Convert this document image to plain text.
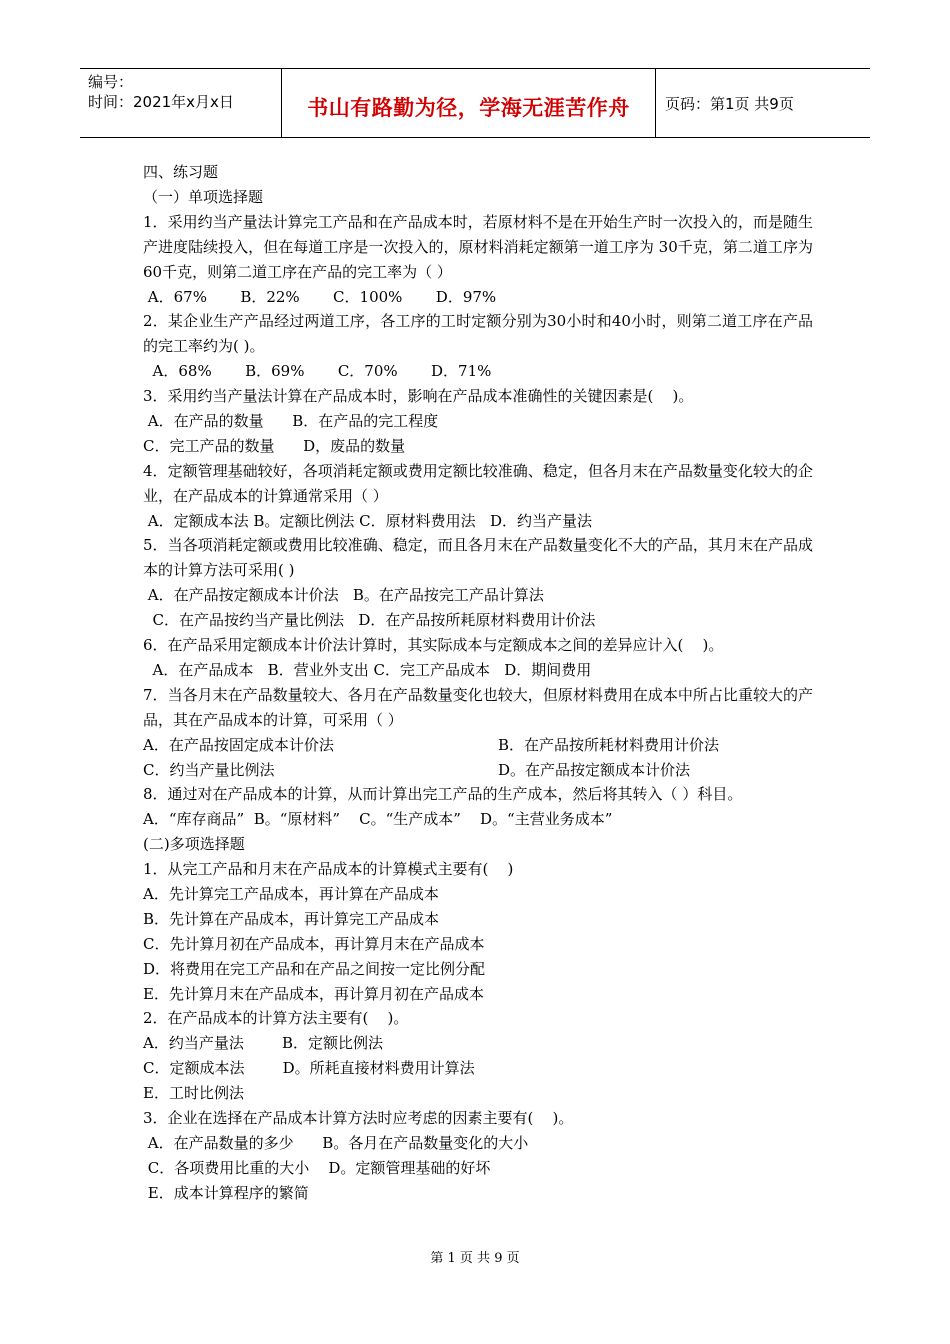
编号：
时间：2021年x月x日	书山有路勤为径，学海无涯苦作舟	页码：第1页 共9页
四、练习题
（一）单项选择题
1．采用约当产量法计算完工产品和在产品成本时，若原材料不是在开始生产时一次投入的，而是随生产进度陆续投入，但在每道工序是一次投入的，原材料消耗定额第一道工序为 30千克，第二道工序为60千克，则第二道工序在产品的完工率为（ ）
A．67%       B．22%       C．100%       D．97%
2．某企业生产产品经过两道工序，各工序的工时定额分别为30小时和40小时，则第二道工序在产品的完工率约为( )。
A．68%       B．69%       C．70%       D．71%
3．采用约当产量法计算在产品成本时，影响在产品成本准确性的关键因素是(    )。
A．在产品的数量      B．在产品的完工程度
C．完工产品的数量      D，废品的数量
4．定额管理基础较好，各项消耗定额或费用定额比较准确、稳定，但各月末在产品数量变化较大的企业，在产品成本的计算通常采用（ ）
A．定额成本法 B。定额比例法 C．原材料费用法   D．约当产量法
5．当各项消耗定额或费用比较准确、稳定，而且各月末在产品数量变化不大的产品，其月末在产品成本的计算方法可采用( )
A．在产品按定额成本计价法   B。在产品按完工产品计算法
C．在产品按约当产量比例法   D．在产品按所耗原材料费用计价法
6．在产品采用定额成本计价法计算时，其实际成本与定额成本之间的差异应计入(    )。
A．在产品成本   B．营业外支出 C．完工产品成本   D．期间费用
7．当各月末在产品数量较大、各月在产品数量变化也较大，但原材料费用在成本中所占比重较大的产品，其在产品成本的计算，可采用（ ）
A．在产品按固定成本计价法	B．在产品按所耗材料费用计价法
C．约当产量比例法	D。在产品按定额成本计价法
8．通过对在产品成本的计算，从而计算出完工产品的生产成本，然后将其转入（ ）科目。
A．“库存商品”  B。“原材料”    C。“生产成本”    D。“主营业务成本”
(二)多项选择题
1．从完工产品和月末在产品成本的计算模式主要有(    )
A．先计算完工产品成本，再计算在产品成本
B．先计算在产品成本，再计算完工产品成本
C．先计算月初在产品成本，再计算月末在产品成本
D．将费用在完工产品和在产品之间按一定比例分配
E．先计算月末在产品成本，再计算月初在产品成本
2．在产品成本的计算方法主要有(    )。
A．约当产量法        B．定额比例法
C．定额成本法        D。所耗直接材料费用计算法
E．工时比例法
3．企业在选择在产品成本计算方法时应考虑的因素主要有(    )。
A．在产品数量的多少      B。各月在产品数量变化的大小
C．各项费用比重的大小    D。定额管理基础的好坏
E．成本计算程序的繁简
第 1 页 共 9 页
